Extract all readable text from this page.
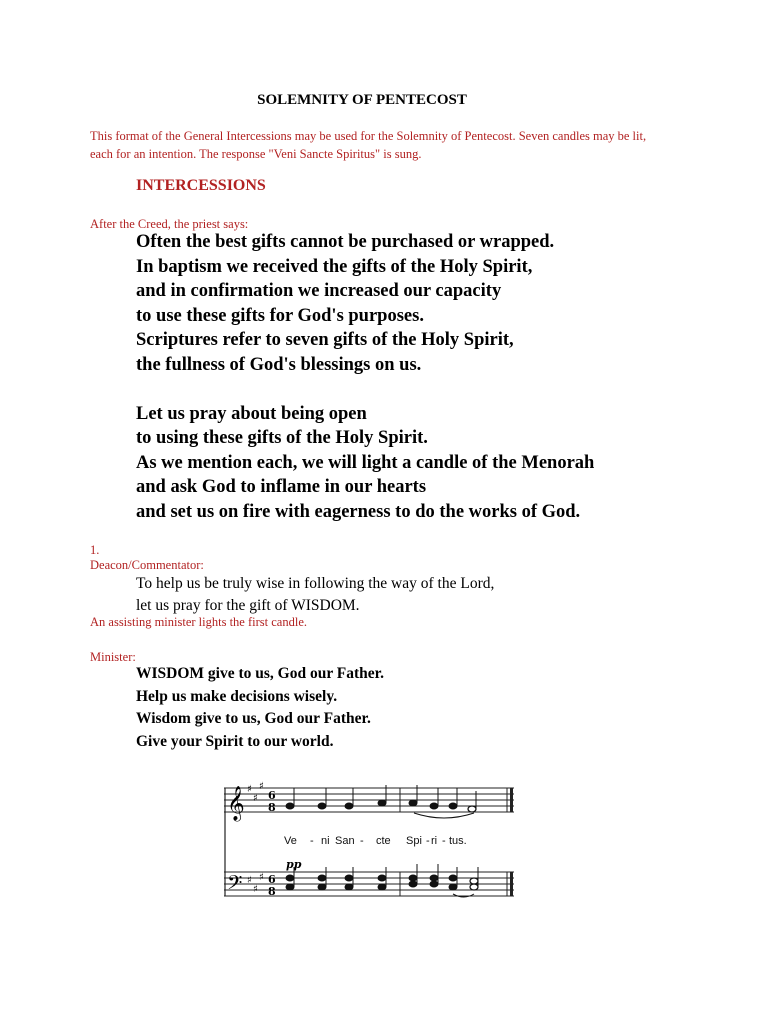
SOLEMNITY OF PENTECOST
This format of the General Intercessions may be used for the Solemnity of Pentecost. Seven candles may be lit, each for an intention. The response "Veni Sancte Spiritus" is sung.
INTERCESSIONS
After the Creed, the priest says:
Often the best gifts cannot be purchased or wrapped.
In baptism we received the gifts of the Holy Spirit,
and in confirmation we increased our capacity
to use these gifts for God's purposes.
Scriptures refer to seven gifts of the Holy Spirit,
the fullness of God's blessings on us.
Let us pray about being open
to using these gifts of the Holy Spirit.
As we mention each, we will light a candle of the Menorah
and ask God to inflame in our hearts
and set us on fire with eagerness to do the works of God.
1.
Deacon/Commentator:
To help us be truly wise in following the way of the Lord,
let us pray for the gift of WISDOM.
An assisting minister lights the first candle.
Minister:
WISDOM give to us, God our Father.
Help us make decisions wisely.
Wisdom give to us, God our Father.
Give your Spirit to our world.
𝄞
𝄢
♯
♯
♯
♯
♯
♯
6
8
6
8
Ve - ni San - cte Spi - ri - tus.
pp
